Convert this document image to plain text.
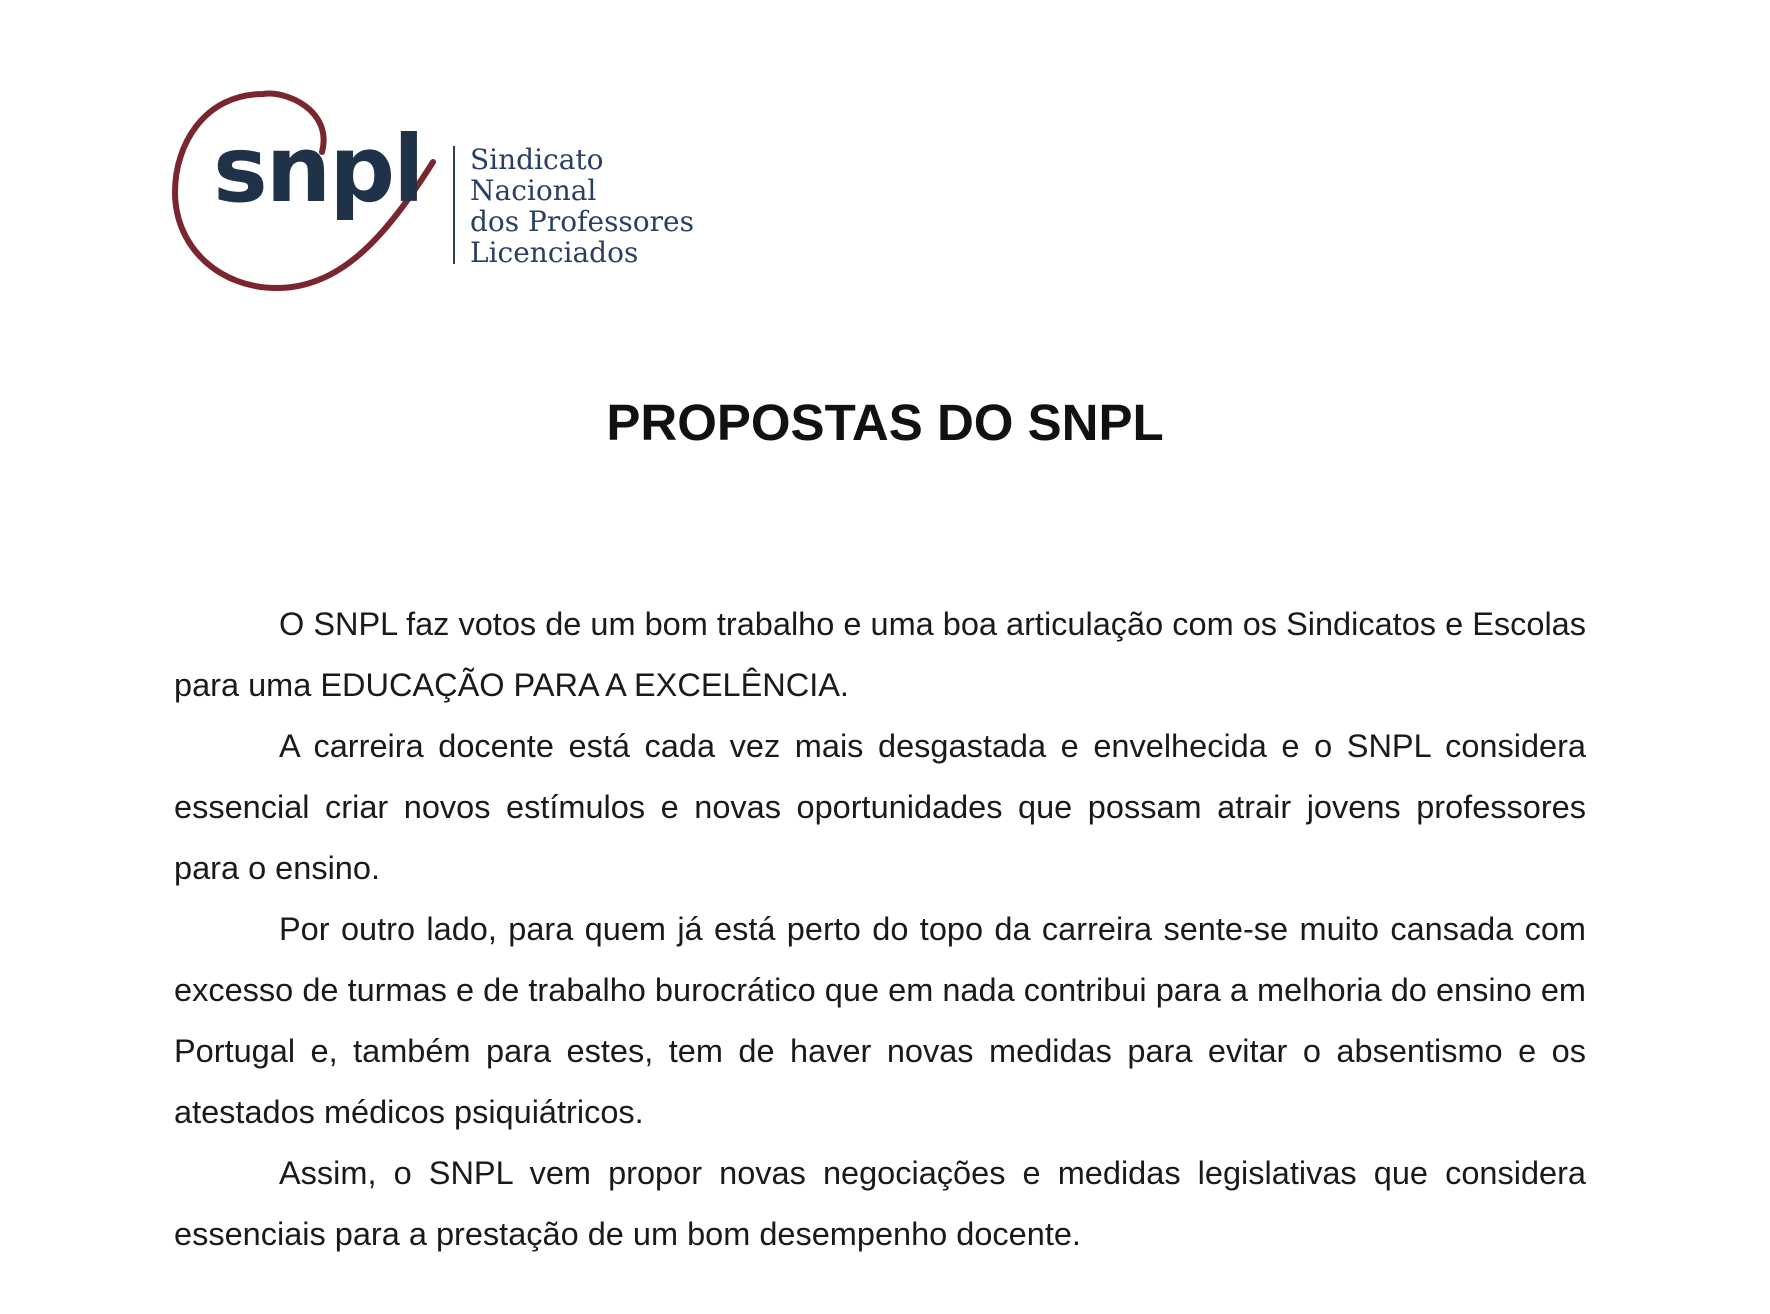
snpl Sindicato
Nacional
dos Professores
Licenciados
PROPOSTAS DO SNPL

O SNPL faz votos de um bom trabalho e uma boa articulação com os Sindicatos e Escolas para uma EDUCAÇÃO PARA A EXCELÊNCIA.

A carreira docente está cada vez mais desgastada e envelhecida e o SNPL considera essencial criar novos estímulos e novas oportunidades que possam atrair jovens professores para o ensino.

Por outro lado, para quem já está perto do topo da carreira sente-se muito cansada com excesso de turmas e de trabalho burocrático que em nada contribui para a melhoria do ensino em Portugal e, também para estes, tem de haver novas medidas para evitar o absentismo e os atestados médicos psiquiátricos.

Assim, o SNPL vem propor novas negociações e medidas legislativas que considera essenciais para a prestação de um bom desempenho docente.
